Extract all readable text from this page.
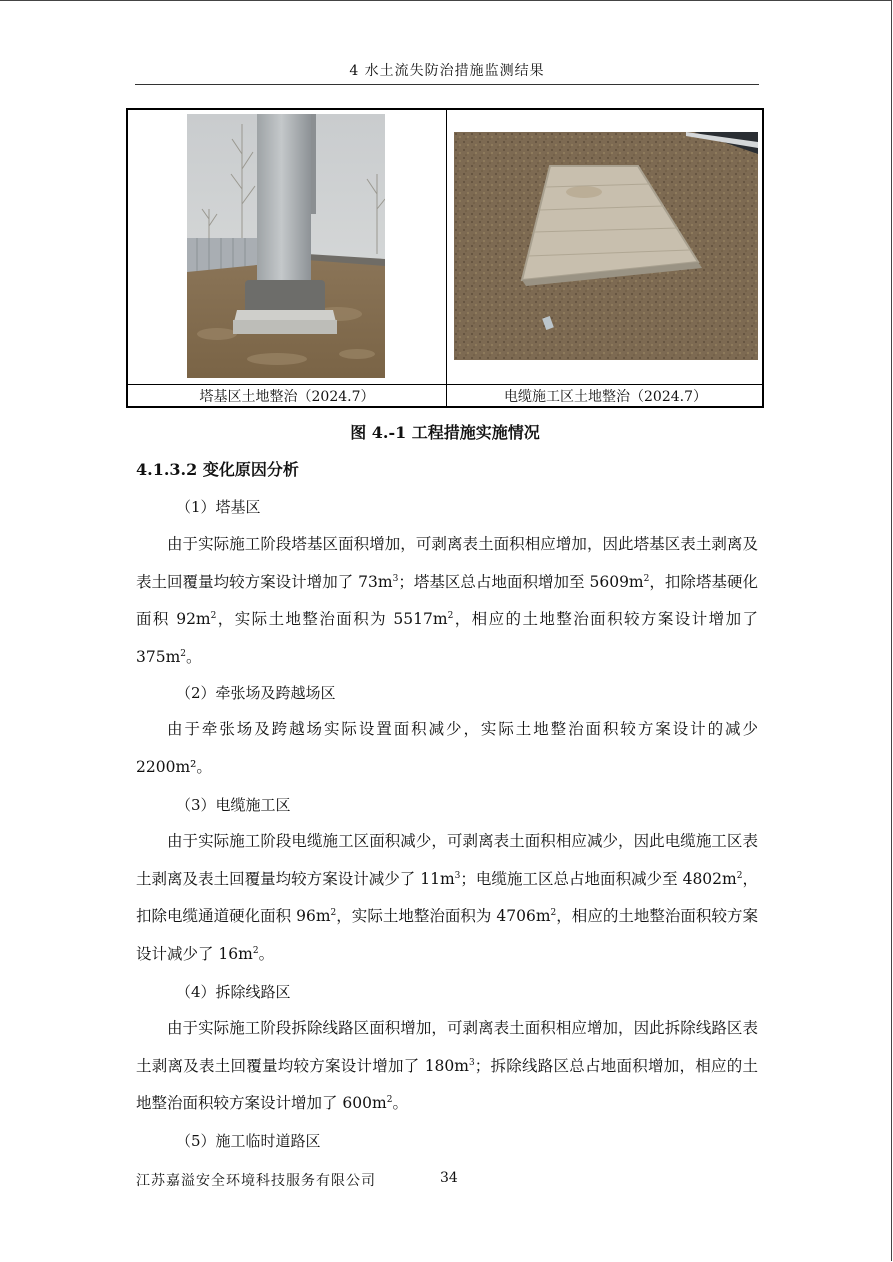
4 水土流失防治措施监测结果
塔基区土地整治（2024.7）	电缆施工区土地整治（2024.7）
图 4.-1 工程措施实施情况
4.1.3.2 变化原因分析
（1）塔基区
由于实际施工阶段塔基区面积增加，可剥离表土面积相应增加，因此塔基区表土剥离及表土回覆量均较方案设计增加了 $73m^3$；塔基区总占地面积增加至 $5609m^2$，扣除塔基硬化面积 $92m^2$，实际土地整治面积为 $5517m^2$，相应的土地整治面积较方案设计增加了 $375m^2$。
（2）牵张场及跨越场区
由于牵张场及跨越场实际设置面积减少，实际土地整治面积较方案设计的减少 2200m²。
（3）电缆施工区
由于实际施工阶段电缆施工区面积减少，可剥离表土面积相应减少，因此电缆施工区表土剥离及表土回覆量均较方案设计减少了 $11m^3$；电缆施工区总占地面积减少至 $4802m^2$，扣除电缆通道硬化面积 $96m^2$，实际土地整治面积为 $4706m^2$，相应的土地整治面积较方案设计减少了 $16m^2$。
（4）拆除线路区
由于实际施工阶段拆除线路区面积增加，可剥离表土面积相应增加，因此拆除线路区表土剥离及表土回覆量均较方案设计增加了 $180m^3$；拆除线路区总占地面积增加，相应的土地整治面积较方案设计增加了 $600m^2$。
（5）施工临时道路区
江苏嘉溢安全环境科技服务有限公司	34
